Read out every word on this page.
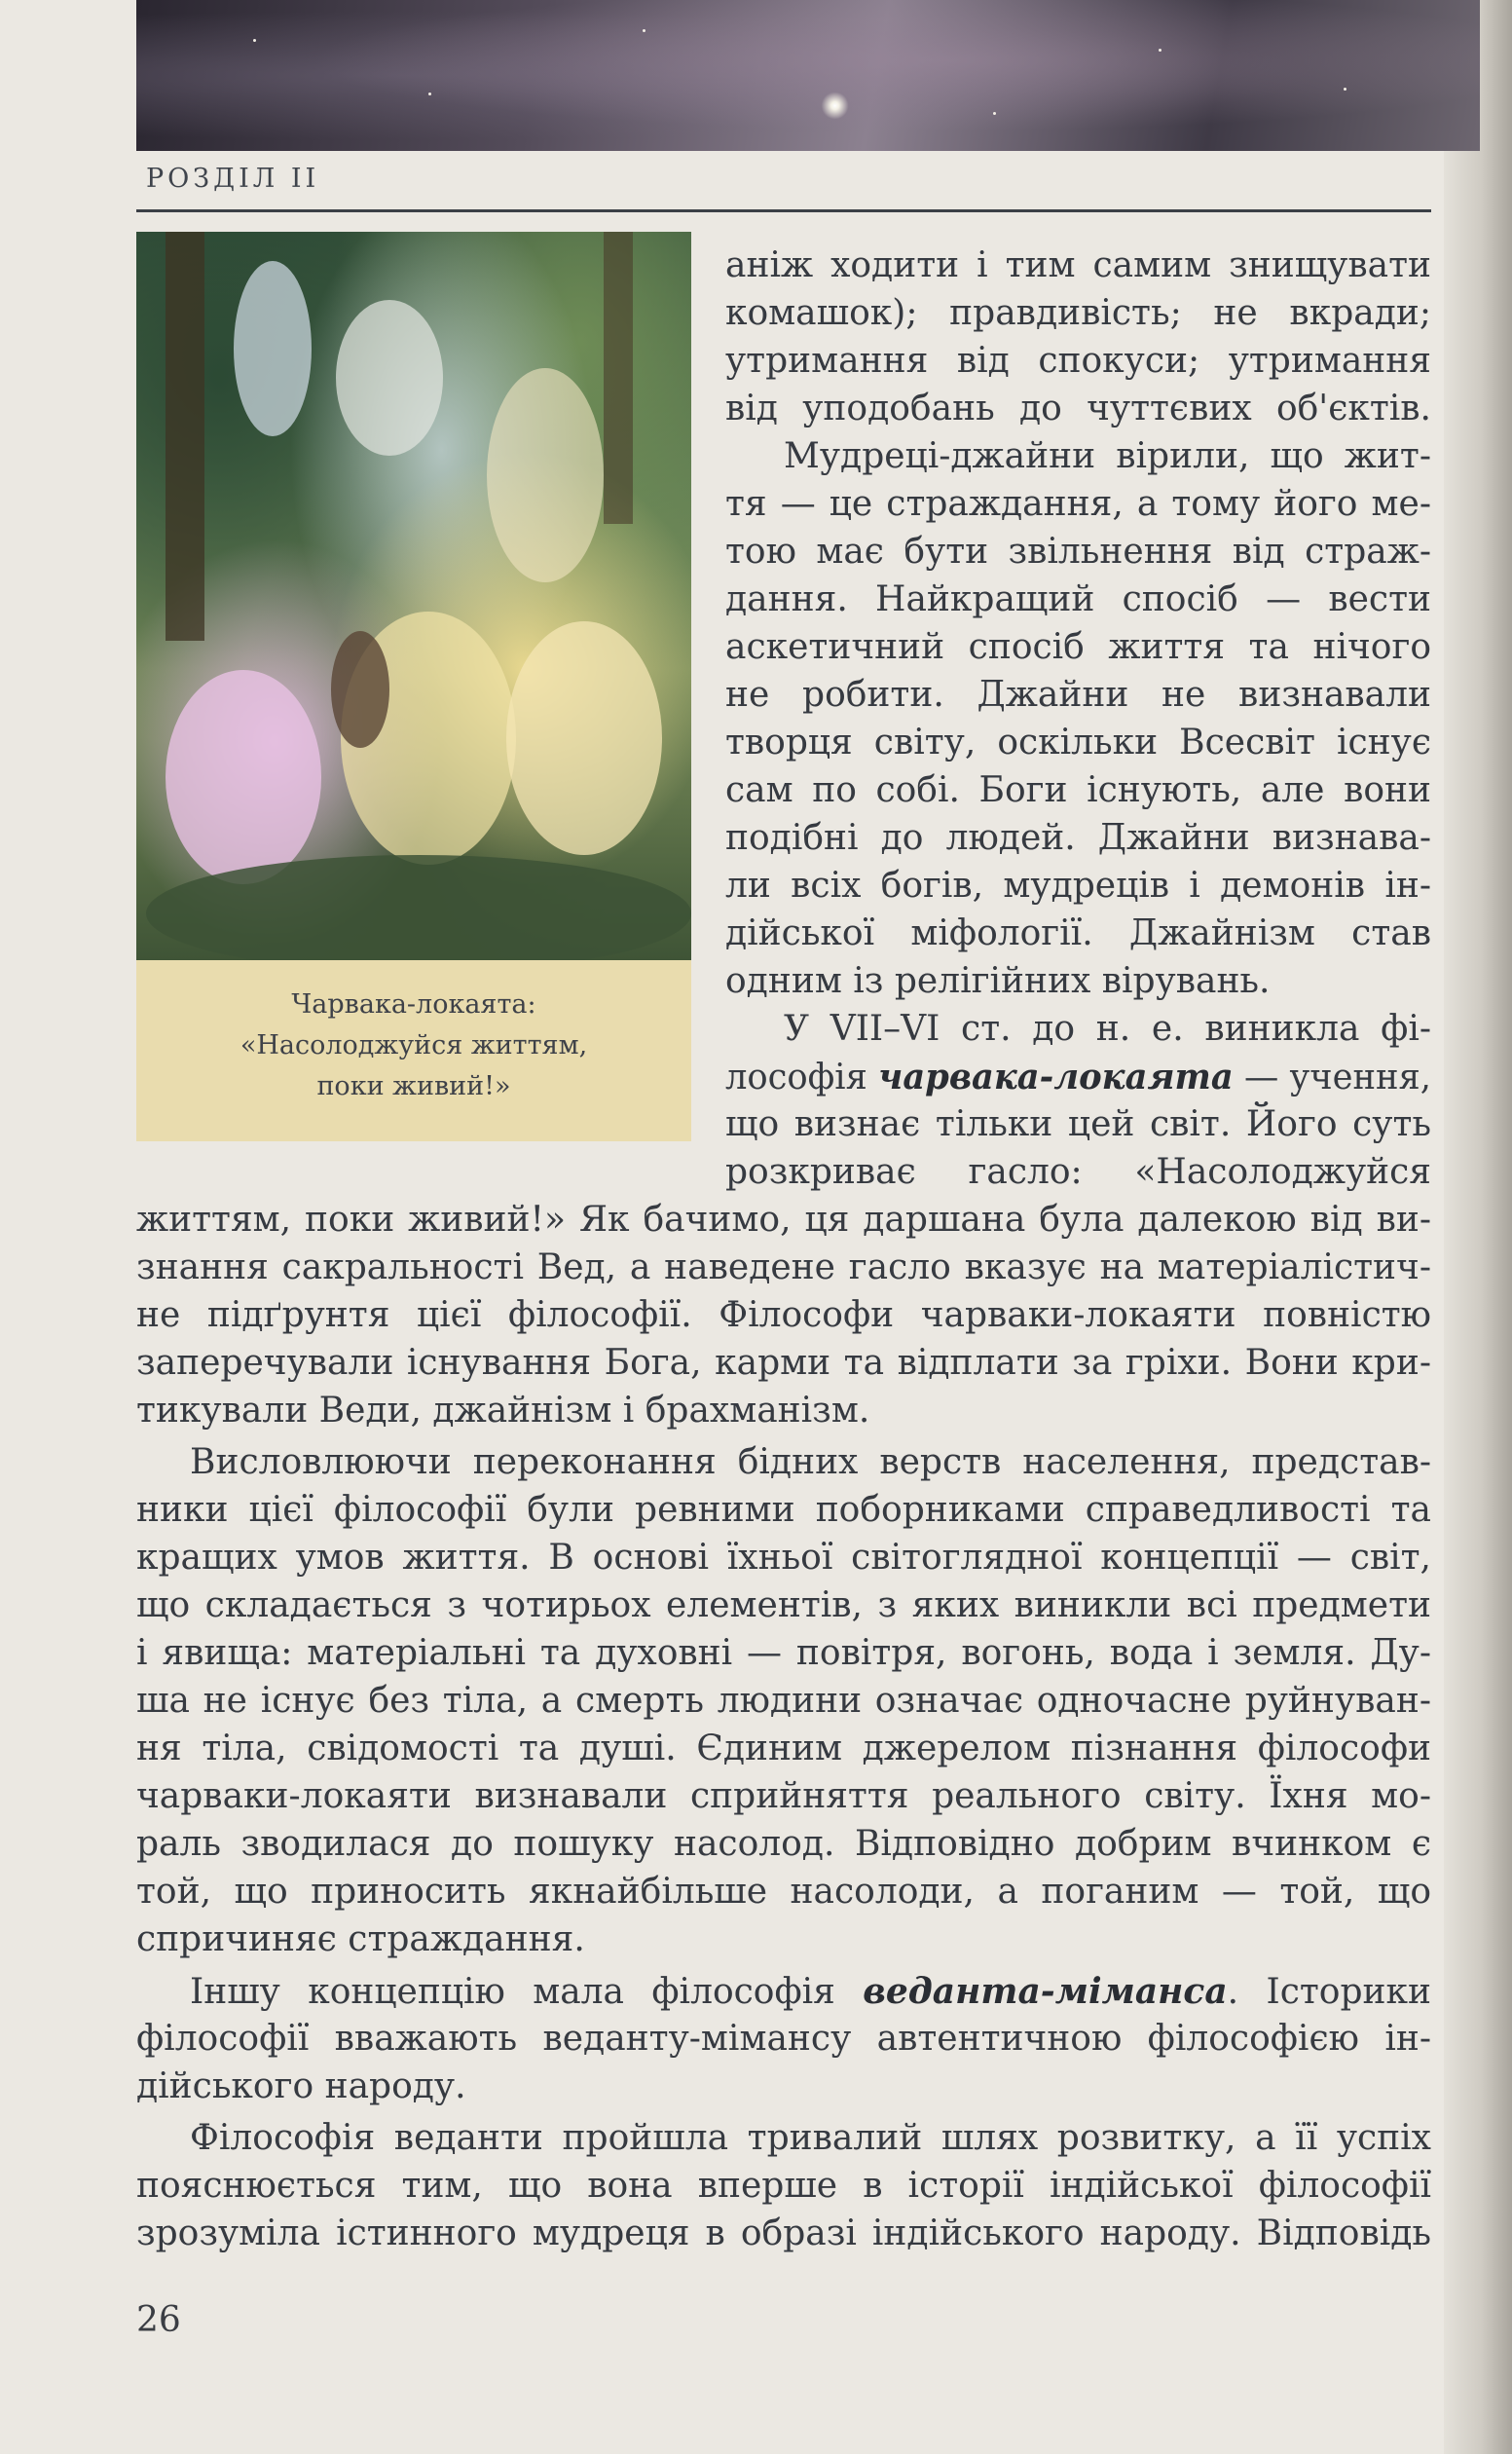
РОЗДІЛ II
Чарвака-локаята:
«Насолоджуйся життям,
поки живий!»
аніж ходити і тим самим знищувати
комашок); правдивість; не вкради;
утримання від спокуси; утримання
від уподобань до чуттєвих об'єктів.
Мудреці-джайни вірили, що жит-
тя — це страждання, а тому його ме-
тою має бути звільнення від страж-
дання. Найкращий спосіб — вести
аскетичний спосіб життя та нічого
не робити. Джайни не визнавали
творця світу, оскільки Всесвіт існує
сам по собі. Боги існують, але вони
подібні до людей. Джайни визнава-
ли всіх богів, мудреців і демонів ін-
дійської міфології. Джайнізм став
одним із релігійних вірувань.
У VII–VI ст. до н. е. виникла фі-
лософія чарвака-локаята — учення,
що визнає тільки цей світ. Його суть
розкриває гасло: «Насолоджуйся
життям, поки живий!» Як бачимо, ця даршана була далекою від ви-
знання сакральності Вед, а наведене гасло вказує на матеріалістич-
не підґрунтя цієї філософії. Філософи чарваки-локаяти повністю
заперечували існування Бога, карми та відплати за гріхи. Вони кри-
тикували Веди, джайнізм і брахманізм.
Висловлюючи переконання бідних верств населення, представ-
ники цієї філософії були ревними поборниками справедливості та
кращих умов життя. В основі їхньої світоглядної концепції — світ,
що складається з чотирьох елементів, з яких виникли всі предмети
і явища: матеріальні та духовні — повітря, вогонь, вода і земля. Ду-
ша не існує без тіла, а смерть людини означає одночасне руйнуван-
ня тіла, свідомості та душі. Єдиним джерелом пізнання філософи
чарваки-локаяти визнавали сприйняття реального світу. Їхня мо-
раль зводилася до пошуку насолод. Відповідно добрим вчинком є
той, що приносить якнайбільше насолоди, а поганим — той, що
спричиняє страждання.
Іншу концепцію мала філософія веданта-міманса. Історики
філософії вважають веданту-мімансу автентичною філософією ін-
дійського народу.
Філософія веданти пройшла тривалий шлях розвитку, а її успіх
пояснюється тим, що вона вперше в історії індійської філософії
зрозуміла істинного мудреця в образі індійського народу. Відповідь
26
